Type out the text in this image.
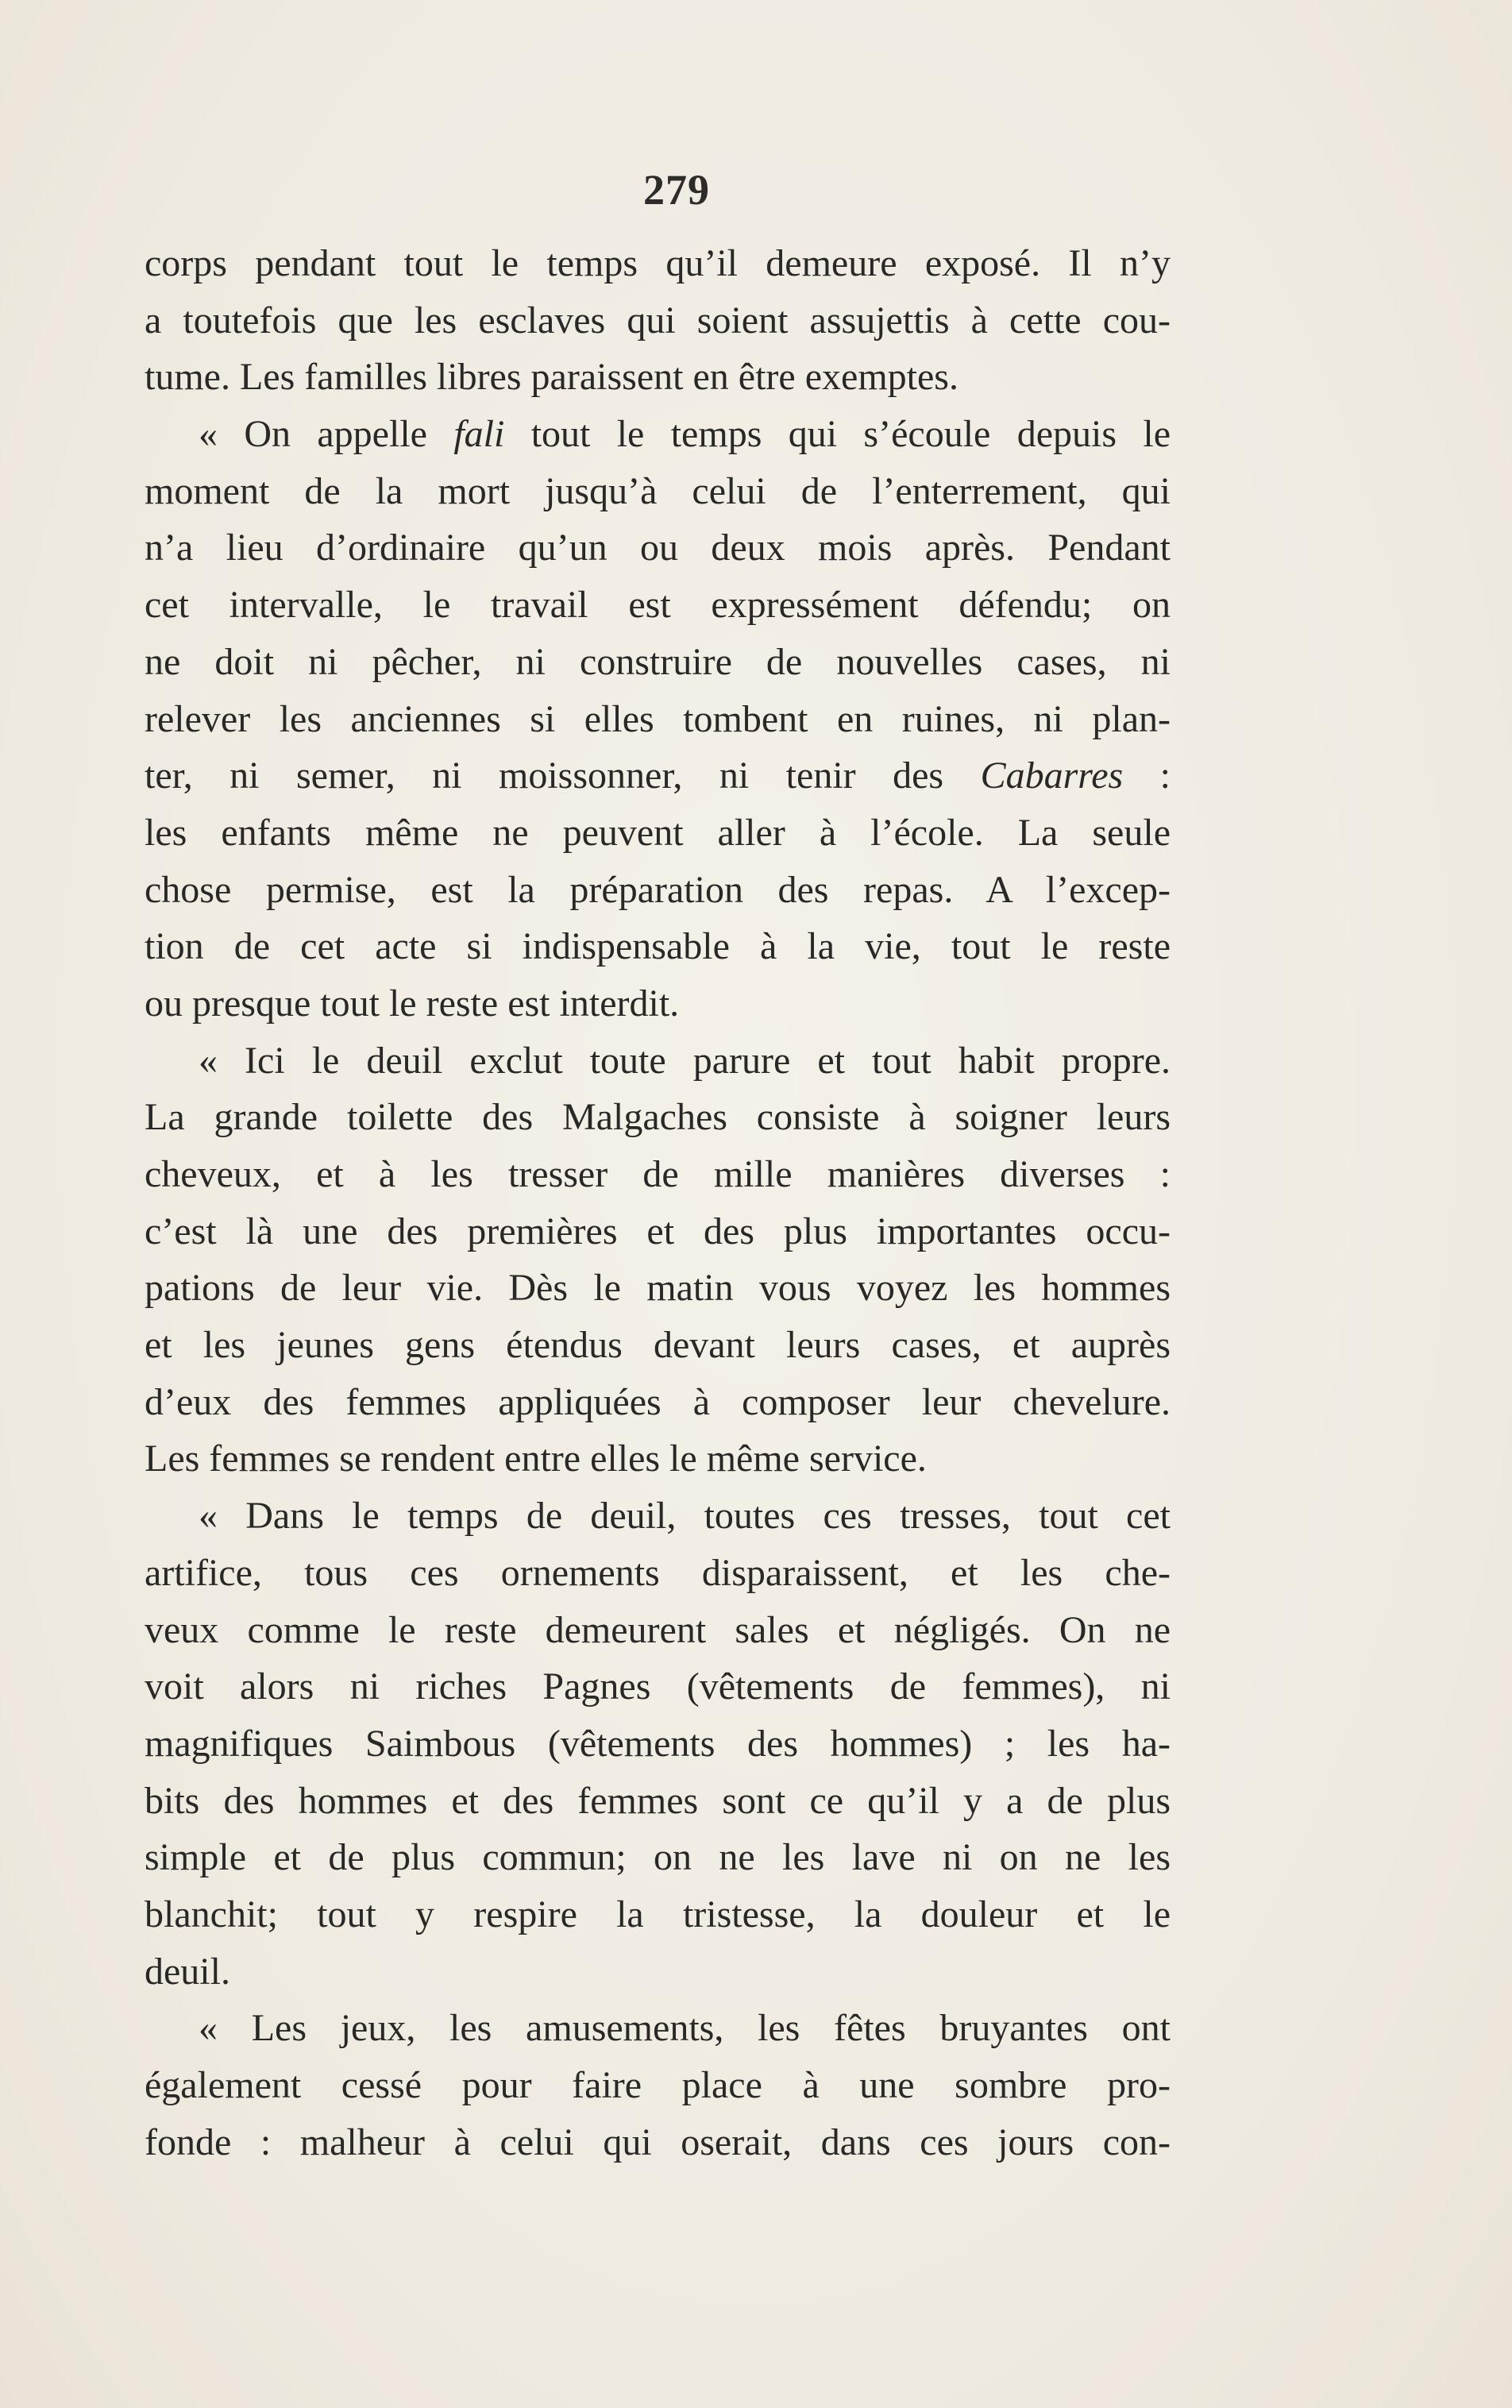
279
corps pendant tout le temps qu’il demeure exposé. Il n’y
a toutefois que les esclaves qui soient assujettis à cette cou-
tume. Les familles libres paraissent en être exemptes.
« On appelle fali tout le temps qui s’écoule depuis le
moment de la mort jusqu’à celui de l’enterrement, qui
n’a lieu d’ordinaire qu’un ou deux mois après. Pendant
cet intervalle, le travail est expressément défendu; on
ne doit ni pêcher, ni construire de nouvelles cases, ni
relever les anciennes si elles tombent en ruines, ni plan-
ter, ni semer, ni moissonner, ni tenir des Cabarres :
les enfants même ne peuvent aller à l’école. La seule
chose permise, est la préparation des repas. A l’excep-
tion de cet acte si indispensable à la vie, tout le reste
ou presque tout le reste est interdit.
« Ici le deuil exclut toute parure et tout habit propre.
La grande toilette des Malgaches consiste à soigner leurs
cheveux, et à les tresser de mille manières diverses :
c’est là une des premières et des plus importantes occu-
pations de leur vie. Dès le matin vous voyez les hommes
et les jeunes gens étendus devant leurs cases, et auprès
d’eux des femmes appliquées à composer leur chevelure.
Les femmes se rendent entre elles le même service.
« Dans le temps de deuil, toutes ces tresses, tout cet
artifice, tous ces ornements disparaissent, et les che-
veux comme le reste demeurent sales et négligés. On ne
voit alors ni riches Pagnes (vêtements de femmes), ni
magnifiques Saimbous (vêtements des hommes) ; les ha-
bits des hommes et des femmes sont ce qu’il y a de plus
simple et de plus commun; on ne les lave ni on ne les
blanchit; tout y respire la tristesse, la douleur et le
deuil.
« Les jeux, les amusements, les fêtes bruyantes ont
également cessé pour faire place à une sombre pro-
fonde : malheur à celui qui oserait, dans ces jours con-
